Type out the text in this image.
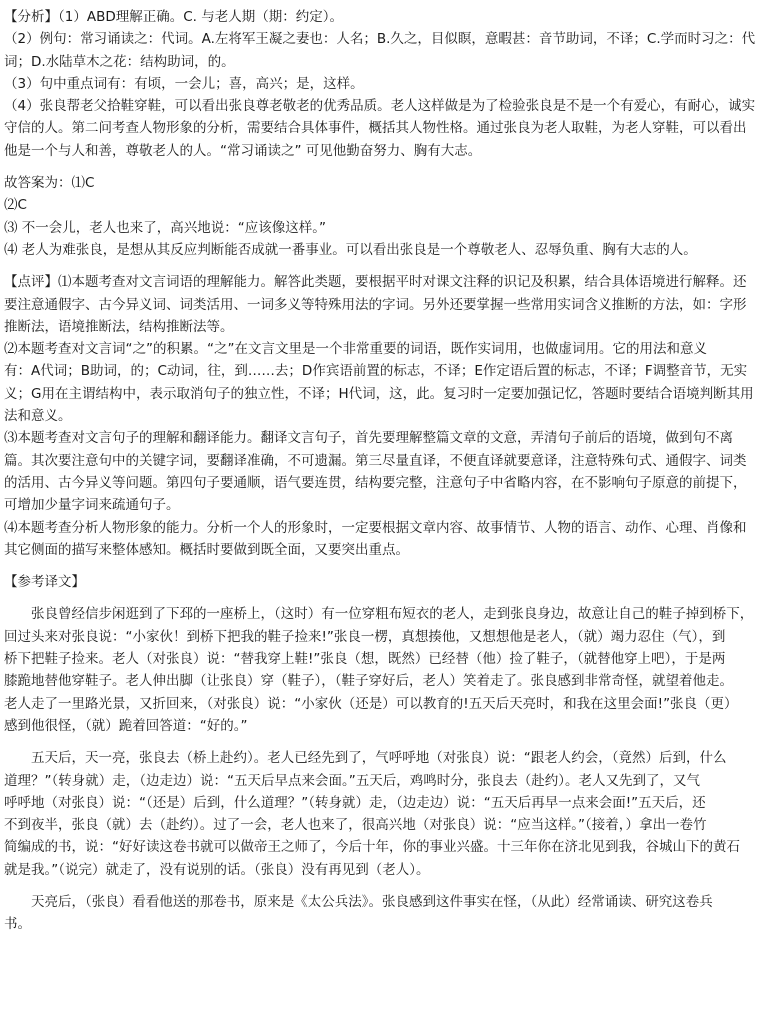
【分析】（1）ABD理解正确。C. 与老人期（期：约定）。
（2）例句：常习诵读之：代词。A.左将军王凝之妻也：人名；B.久之，目似瞑，意暇甚：音节助词，不译；C.学而时习之：代
词；D.水陆草木之花：结构助词，的。
（3）句中重点词有：有顷，一会儿；喜，高兴；是，这样。
（4）张良帮老父拾鞋穿鞋，可以看出张良尊老敬老的优秀品质。老人这样做是为了检验张良是不是一个有爱心，有耐心，诚实
守信的人。第二问考查人物形象的分析，需要结合具体事件，概括其人物性格。通过张良为老人取鞋，为老人穿鞋，可以看出
他是一个与人和善，尊敬老人的人。“常习诵读之” 可见他勤奋努力、胸有大志。
故答案为：⑴C
⑵C
⑶ 不一会儿，老人也来了，高兴地说：“应该像这样。”
⑷ 老人为难张良，是想从其反应判断能否成就一番事业。可以看出张良是一个尊敬老人、忍辱负重、胸有大志的人。
【点评】⑴本题考查对文言词语的理解能力。解答此类题，要根据平时对课文注释的识记及积累，结合具体语境进行解释。还
要注意通假字、古今异义词、词类活用、一词多义等特殊用法的字词。另外还要掌握一些常用实词含义推断的方法，如：字形
推断法，语境推断法，结构推断法等。
⑵本题考查对文言词“之”的积累。“之”在文言文里是一个非常重要的词语，既作实词用，也做虚词用。它的用法和意义
有：A代词；B助词，的；C动词，往，到……去；D作宾语前置的标志，不译；E作定语后置的标志，不译；F调整音节，无实
义；G用在主谓结构中，表示取消句子的独立性，不译；H代词，这，此。复习时一定要加强记忆，答题时要结合语境判断其用
法和意义。
⑶本题考查对文言句子的理解和翻译能力。翻译文言句子，首先要理解整篇文章的文意，弄清句子前后的语境，做到句不离
篇。其次要注意句中的关键字词，要翻译准确，不可遗漏。第三尽量直译，不便直译就要意译，注意特殊句式、通假字、词类
的活用、古今异义等问题。第四句子要通顺，语气要连贯，结构要完整，注意句子中省略内容，在不影响句子原意的前提下，
可增加少量字词来疏通句子。
⑷本题考查分析人物形象的能力。分析一个人的形象时，一定要根据文章内容、故事情节、人物的语言、动作、心理、肖像和
其它侧面的描写来整体感知。概括时要做到既全面，又要突出重点。
【参考译文】
张良曾经信步闲逛到了下邳的一座桥上，（这时）有一位穿粗布短衣的老人，走到张良身边，故意让自己的鞋子掉到桥下，
回过头来对张良说：“小家伙！到桥下把我的鞋子捡来!”张良一楞，真想揍他，又想想他是老人，（就）竭力忍住（气），到
桥下把鞋子捡来。老人（对张良）说：“替我穿上鞋!”张良（想，既然）已经替（他）捡了鞋子，（就替他穿上吧），于是两
膝跪地替他穿鞋子。老人伸出脚（让张良）穿（鞋子），（鞋子穿好后，老人）笑着走了。张良感到非常奇怪，就望着他走。
老人走了一里路光景，又折回来，（对张良）说：“小家伙（还是）可以教育的!五天后天亮时，和我在这里会面!”张良（更）
感到他很怪，（就）跪着回答道：“好的。”
五天后，天一亮，张良去（桥上赴约）。老人已经先到了，气呼呼地（对张良）说：“跟老人约会，（竟然）后到，什么
道理？”（转身就）走，（边走边）说：“五天后早点来会面。”五天后，鸡鸣时分，张良去（赴约）。老人又先到了，又气
呼呼地（对张良）说：“（还是）后到，什么道理？”（转身就）走，（边走边）说：“五天后再早一点来会面!”五天后，还
不到夜半，张良（就）去（赴约）。过了一会，老人也来了，很高兴地（对张良）说：“应当这样。”（接着，）拿出一卷竹
简编成的书，说：“好好读这卷书就可以做帝王之师了，今后十年，你的事业兴盛。十三年你在济北见到我，谷城山下的黄石
就是我。”（说完）就走了，没有说别的话。（张良）没有再见到（老人）。
天亮后，（张良）看看他送的那卷书，原来是《太公兵法》。张良感到这件事实在怪，（从此）经常诵读、研究这卷兵
书。
